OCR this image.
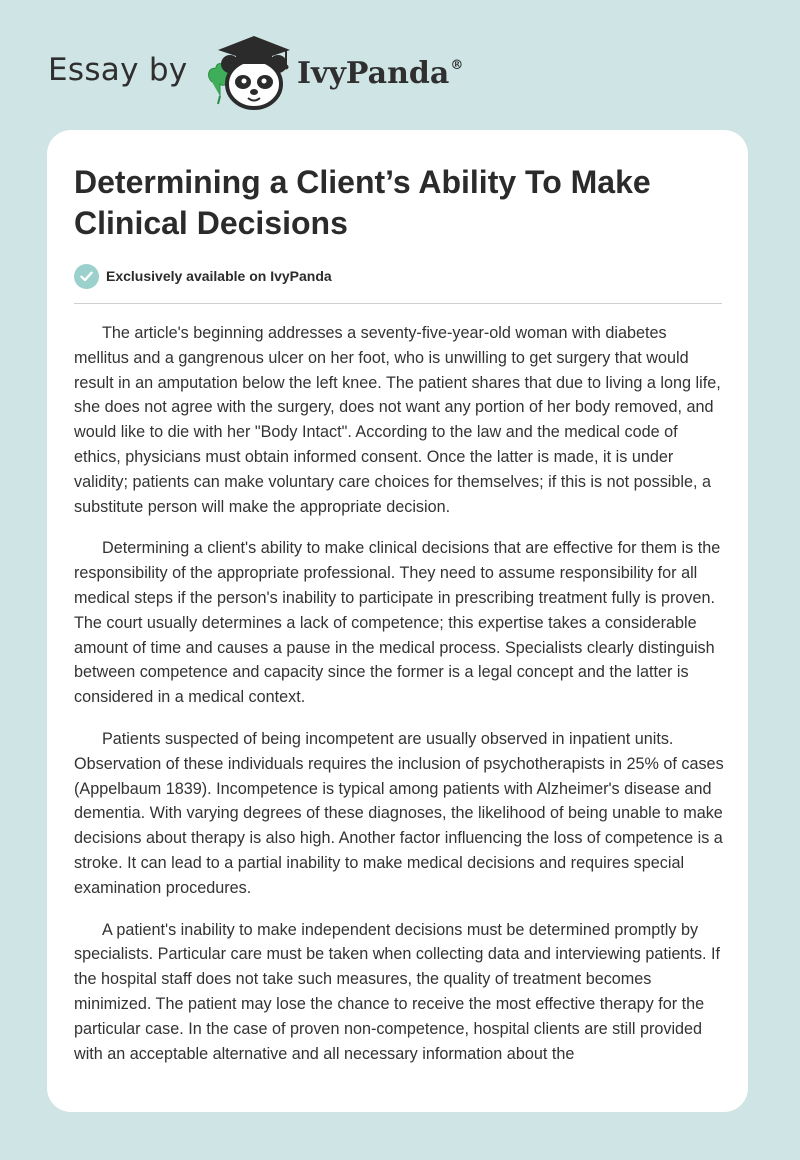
Essay by	IvyPanda®
Determining a Client’s Ability To Make Clinical Decisions
Exclusively available on IvyPanda

The article's beginning addresses a seventy-five-year-old woman with diabetes mellitus and a gangrenous ulcer on her foot, who is unwilling to get surgery that would result in an amputation below the left knee. The patient shares that due to living a long life, she does not agree with the surgery, does not want any portion of her body removed, and would like to die with her "Body Intact". According to the law and the medical code of ethics, physicians must obtain informed consent. Once the latter is made, it is under validity; patients can make voluntary care choices for themselves; if this is not possible, a substitute person will make the appropriate decision.

Determining a client's ability to make clinical decisions that are effective for them is the responsibility of the appropriate professional. They need to assume responsibility for all medical steps if the person's inability to participate in prescribing treatment fully is proven. The court usually determines a lack of competence; this expertise takes a considerable amount of time and causes a pause in the medical process. Specialists clearly distinguish between competence and capacity since the former is a legal concept and the latter is considered in a medical context.

Patients suspected of being incompetent are usually observed in inpatient units. Observation of these individuals requires the inclusion of psychotherapists in 25% of cases (Appelbaum 1839). Incompetence is typical among patients with Alzheimer's disease and dementia. With varying degrees of these diagnoses, the likelihood of being unable to make decisions about therapy is also high. Another factor influencing the loss of competence is a stroke. It can lead to a partial inability to make medical decisions and requires special examination procedures.

A patient's inability to make independent decisions must be determined promptly by specialists. Particular care must be taken when collecting data and interviewing patients. If the hospital staff does not take such measures, the quality of treatment becomes minimized. The patient may lose the chance to receive the most effective therapy for the particular case. In the case of proven non-competence, hospital clients are still provided with an acceptable alternative and all necessary information about the
